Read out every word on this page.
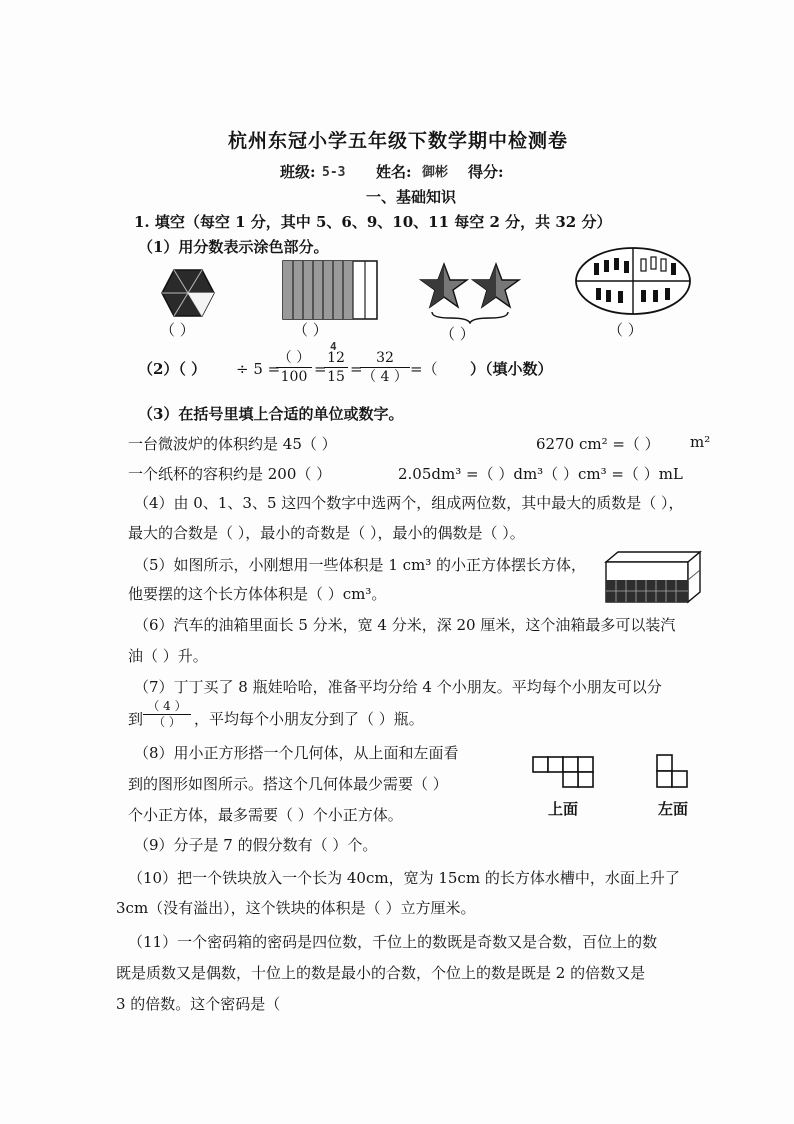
杭州东冠小学五年级下数学期中检测卷
班级: 5-3 姓名: 御彬 得分:
一、基础知识
1. 填空（每空 1 分，其中 5、6、9、10、11 每空 2 分，共 32 分）
（1）用分数表示涂色部分。
（ ）	（ ）	（ ）	（ ）
（2）（ ） ÷ 5 =
（ ）
100 =
4
12
15 =
32
（ 4 ） =（ ）（填小数）
（3）在括号里填上合适的单位或数字。
一台微波炉的体积约是 45（ ）	6270 cm² =（ ） m²
一个纸杯的容积约是 200（ ）	2.05dm³ =（ ）dm³（ ）cm³ =（ ）mL
（4）由 0、1、3、5 这四个数字中选两个，组成两位数，其中最大的质数是（ ），
最大的合数是（ ），最小的奇数是（ ），最小的偶数是（ ）。
（5）如图所示，小刚想用一些体积是 1 cm³ 的小正方体摆长方体，
他要摆的这个长方体体积是（ ）cm³。
（6）汽车的油箱里面长 5 分米，宽 4 分米，深 20 厘米，这个油箱最多可以装汽
油（ ）升。
（7）丁丁买了 8 瓶娃哈哈，准备平均分给 4 个小朋友。平均每个小朋友可以分
到
（ 4 ）
（ ） ，平均每个小朋友分到了（ ）瓶。
（8）用小正方形搭一个几何体，从上面和左面看
到的图形如图所示。搭这个几何体最少需要（ ）
个小正方体，最多需要（ ）个小正方体。	上面	左面
（9）分子是 7 的假分数有（ ）个。
（10）把一个铁块放入一个长为 40cm，宽为 15cm 的长方体水槽中，水面上升了
3cm（没有溢出），这个铁块的体积是（ ）立方厘米。
（11）一个密码箱的密码是四位数，千位上的数既是奇数又是合数，百位上的数
既是质数又是偶数，十位上的数是最小的合数，个位上的数是既是 2 的倍数又是
3 的倍数。这个密码是（
